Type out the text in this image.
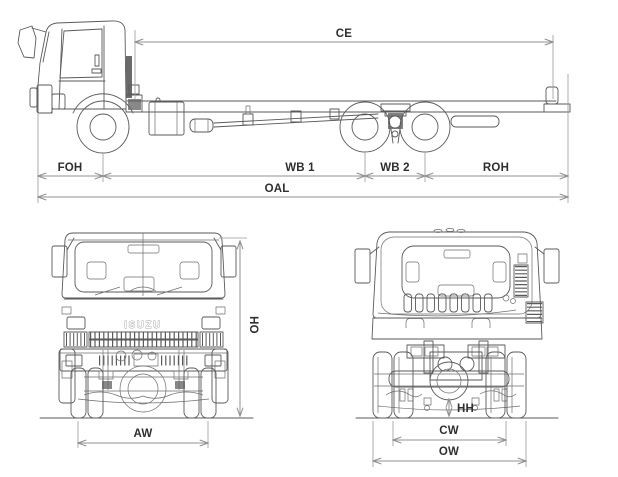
CE
FOH	WB 1	WB 2	ROH
OAL
ISUZU	HO
AW
HH
CW
OW
